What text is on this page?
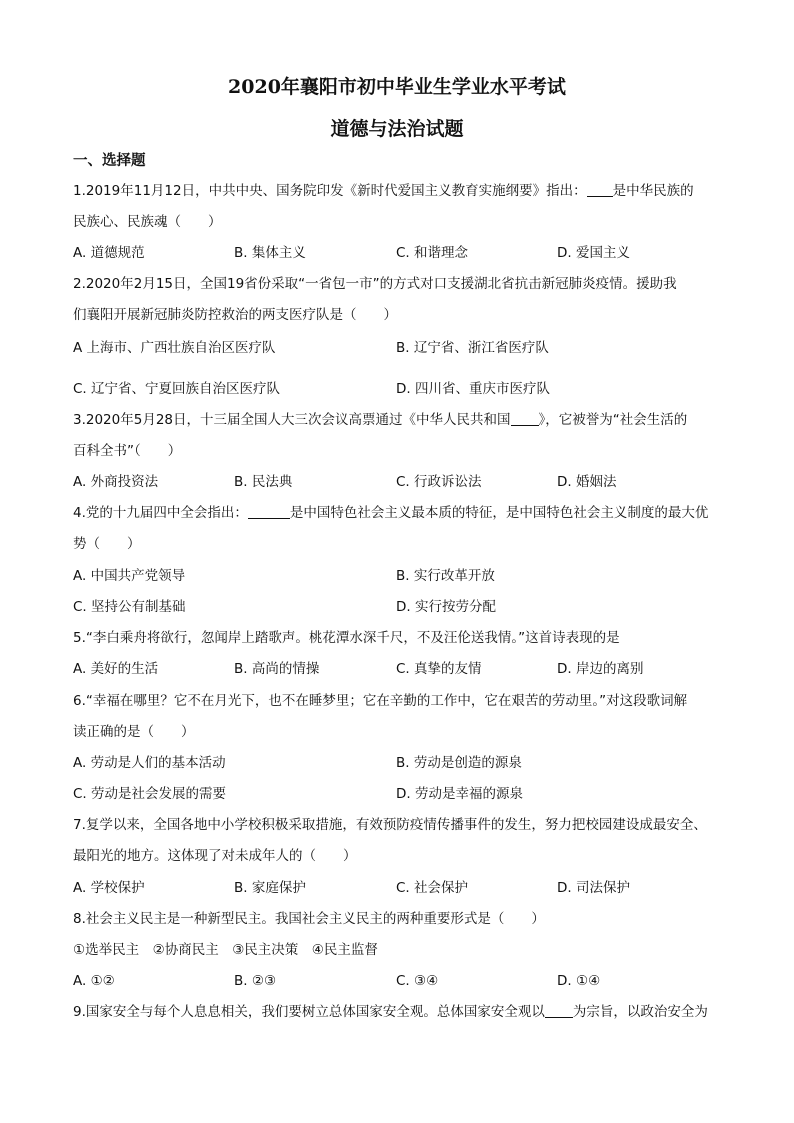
2020年襄阳市初中毕业生学业水平考试
道德与法治试题
一、选择题
1.2019年11月12日，中共中央、国务院印发《新时代爱国主义教育实施纲要》指出： 是中华民族的
民族心、民族魂（　　）
A. 道德规范	B. 集体主义	C. 和谐理念	D. 爱国主义
2.2020年2月15日，全国19省份采取“一省包一市”的方式对口支援湖北省抗击新冠肺炎疫情。援助我
们襄阳开展新冠肺炎防控救治的两支医疗队是（　　）
A 上海市、广西壮族自治区医疗队	B. 辽宁省、浙江省医疗队
C. 辽宁省、宁夏回族自治区医疗队	D. 四川省、重庆市医疗队
3.2020年5月28日，十三届全国人大三次会议高票通过《中华人民共和国 》，它被誉为“社会生活的
百科全书”（　　）
A. 外商投资法	B. 民法典	C. 行政诉讼法	D. 婚姻法
4.党的十九届四中全会指出：	是中国特色社会主义最本质的特征，是中国特色社会主义制度的最大优
势（　　）
A. 中国共产党领导	B. 实行改革开放
C. 坚持公有制基础	D. 实行按劳分配
5.“李白乘舟将欲行，忽闻岸上踏歌声。桃花潭水深千尺，不及汪伦送我情。”这首诗表现的是
A. 美好的生活	B. 高尚的情操	C. 真挚的友情	D. 岸边的离别
6.“幸福在哪里？它不在月光下，也不在睡梦里；它在辛勤的工作中，它在艰苦的劳动里。”对这段歌词解
读正确的是（　　）
A. 劳动是人们的基本活动	B. 劳动是创造的源泉
C. 劳动是社会发展的需要	D. 劳动是幸福的源泉
7.复学以来，全国各地中小学校积极采取措施，有效预防疫情传播事件的发生，努力把校园建设成最安全、
最阳光的地方。这体现了对未成年人的（　　）
A. 学校保护	B. 家庭保护	C. 社会保护	D. 司法保护
8.社会主义民主是一种新型民主。我国社会主义民主的两种重要形式是（　　）
①选举民主　②协商民主　③民主决策　④民主监督
A. ①②	B. ②③	C. ③④	D. ①④
9.国家安全与每个人息息相关，我们要树立总体国家安全观。总体国家安全观以 为宗旨，以政治安全为
